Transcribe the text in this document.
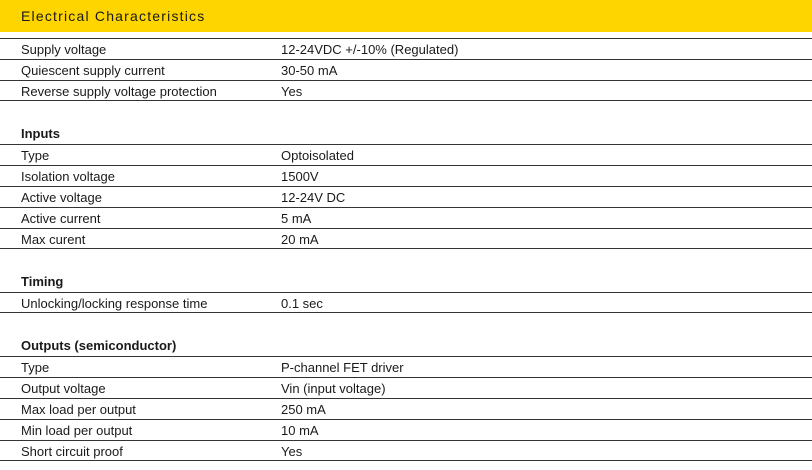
Electrical Characteristics
Supply voltage	12-24VDC +/-10% (Regulated)
Quiescent supply current	30-50 mA
Reverse supply voltage protection	Yes
Inputs
Type	Optoisolated
Isolation voltage	1500V
Active voltage	12-24V DC
Active current	5 mA
Max curent	20 mA
Timing
Unlocking/locking response time	0.1 sec
Outputs (semiconductor)
Type	P-channel FET driver
Output voltage	Vin (input voltage)
Max load per output	250 mA
Min load per output	10 mA
Short circuit proof	Yes
